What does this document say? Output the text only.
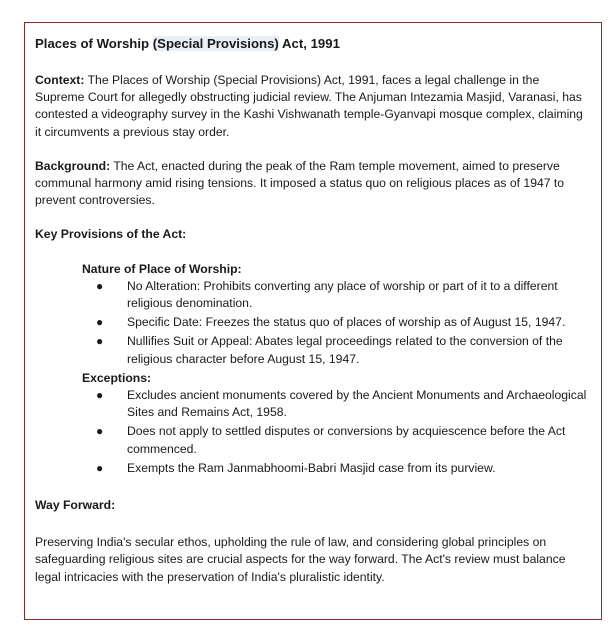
Places of Worship (Special Provisions) Act, 1991

Context: The Places of Worship (Special Provisions) Act, 1991, faces a legal challenge in the Supreme Court for allegedly obstructing judicial review. The Anjuman Intezamia Masjid, Varanasi, has contested a videography survey in the Kashi Vishwanath temple-Gyanvapi mosque complex, claiming it circumvents a previous stay order.

Background: The Act, enacted during the peak of the Ram temple movement, aimed to preserve communal harmony amid rising tensions. It imposed a status quo on religious places as of 1947 to prevent controversies.

Key Provisions of the Act:
Nature of Place of Worship:
● No Alteration: Prohibits converting any place of worship or part of it to a different religious denomination.
● Specific Date: Freezes the status quo of places of worship as of August 15, 1947.
● Nullifies Suit or Appeal: Abates legal proceedings related to the conversion of the religious character before August 15, 1947.
Exceptions:
● Excludes ancient monuments covered by the Ancient Monuments and Archaeological Sites and Remains Act, 1958.
● Does not apply to settled disputes or conversions by acquiescence before the Act commenced.
● Exempts the Ram Janmabhoomi-Babri Masjid case from its purview.
Way Forward:

Preserving India's secular ethos, upholding the rule of law, and considering global principles on safeguarding religious sites are crucial aspects for the way forward. The Act's review must balance legal intricacies with the preservation of India's pluralistic identity.
